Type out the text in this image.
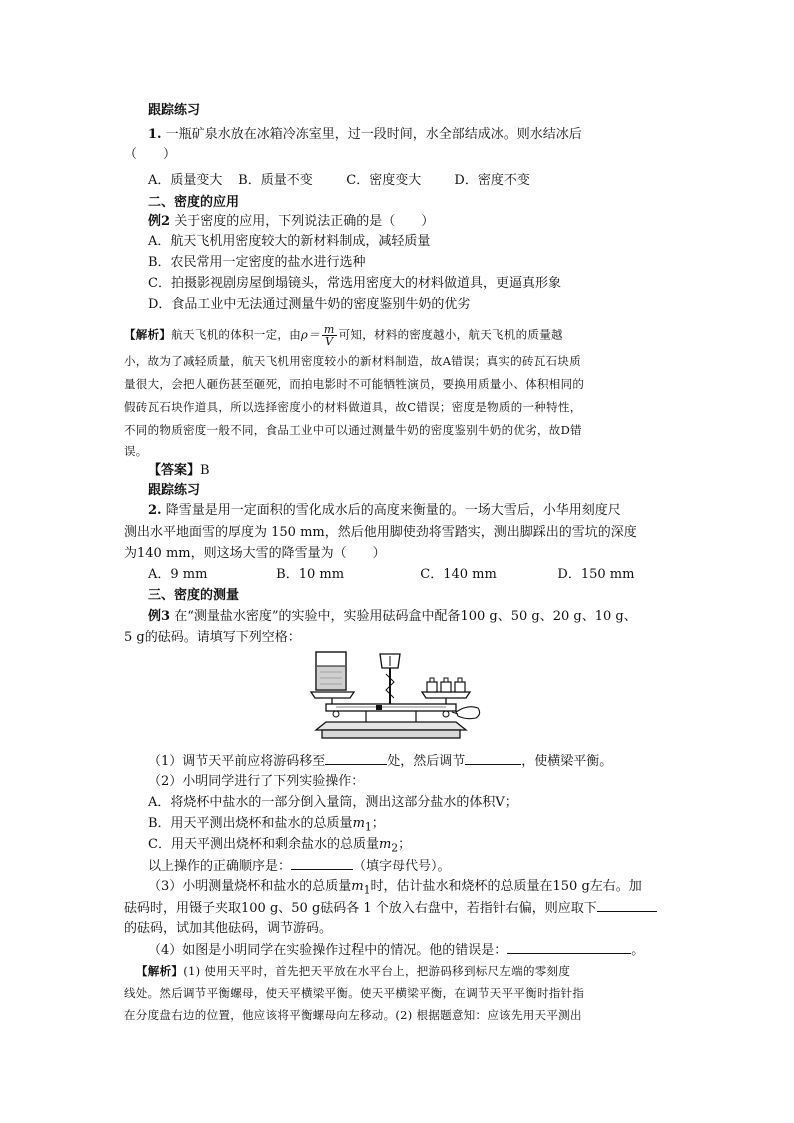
跟踪练习
1. 一瓶矿泉水放在冰箱冷冻室里，过一段时间，水全部结成冰。则水结冰后
（　　）
A．质量变大 B．质量不变	C．密度变大	D．密度不变
二、密度的应用
例2 关于密度的应用，下列说法正确的是（　　）
A．航天飞机用密度较大的新材料制成，减轻质量
B．农民常用一定密度的盐水进行选种
C．拍摄影视剧房屋倒塌镜头，常选用密度大的材料做道具，更逼真形象
D．食品工业中无法通过测量牛奶的密度鉴别牛奶的优劣
【解析】航天飞机的体积一定，由$\rho= \frac{m}{V}$ 可知，材料的密度越小，航天飞机的质量越
小，故为了减轻质量，航天飞机用密度较小的新材料制造，故A错误；真实的砖瓦石块质
量很大，会把人砸伤甚至砸死，而拍电影时不可能牺牲演员，要换用质量小、体积相同的
假砖瓦石块作道具，所以选择密度小的材料做道具，故C错误；密度是物质的一种特性，
不同的物质密度一般不同，食品工业中可以通过测量牛奶的密度鉴别牛奶的优劣，故D错
误。
【答案】B
跟踪练习
2. 降雪量是用一定面积的雪化成水后的高度来衡量的。一场大雪后，小华用刻度尺
测出水平地面雪的厚度为 150 mm，然后他用脚使劲将雪踏实，测出脚踩出的雪坑的深度
为140 mm，则这场大雪的降雪量为（　　）
A．9 mm	B．10 mm	C．140 mm	D．150 mm
三、密度的测量
例3 在“测量盐水密度”的实验中，实验用砝码盒中配备100 g、50 g、20 g、10 g、
5 g的砝码。请填写下列空格：
（1）调节天平前应将游码移至	处，然后调节	，使横梁平衡。
（2）小明同学进行了下列实验操作：
A．将烧杯中盐水的一部分倒入量筒，测出这部分盐水的体积V；
B．用天平测出烧杯和盐水的总质量$m_1$；
C．用天平测出烧杯和剩余盐水的总质量$m_2$；
以上操作的正确顺序是：	（填字母代号）。
（3）小明测量烧杯和盐水的总质量$m_1$时，估计盐水和烧杯的总质量在150 g左右。加
砝码时，用镊子夹取100 g、50 g砝码各 1 个放入右盘中，若指针右偏，则应取下
的砝码，试加其他砝码，调节游码。
（4）如图是小明同学在实验操作过程中的情况。他的错误是：	。
【解析】(1) 使用天平时，首先把天平放在水平台上，把游码移到标尺左端的零刻度
线处。然后调节平衡螺母，使天平横梁平衡。使天平横梁平衡，在调节天平平衡时指针指
在分度盘右边的位置，他应该将平衡螺母向左移动。(2) 根据题意知：应该先用天平测出
